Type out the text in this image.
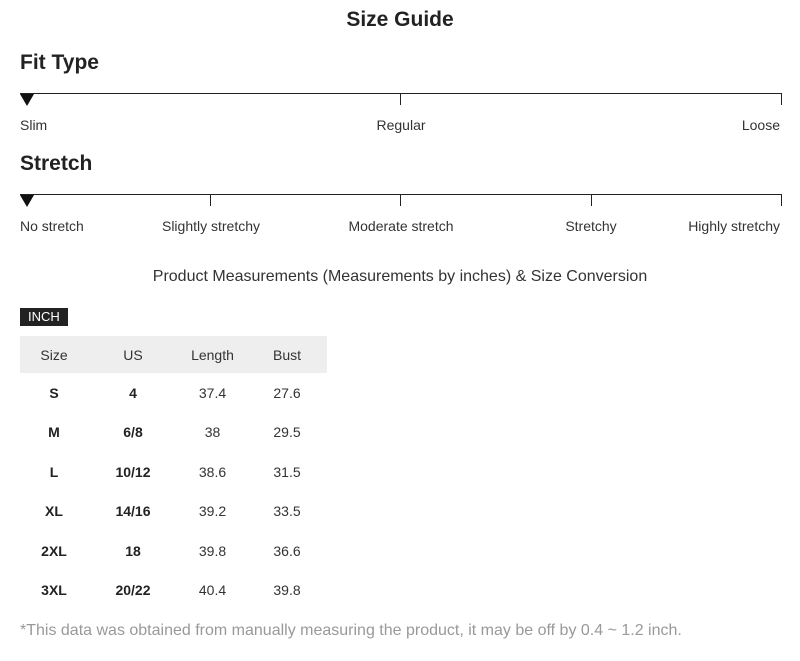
Size Guide
Fit Type
Slim	Regular	Loose
Stretch
No stretch	Slightly stretchy	Moderate stretch	Stretchy	Highly stretchy
Product Measurements (Measurements by inches) & Size Conversion
INCH
Size	US	Length	Bust
S	4	37.4	27.6
M	6/8	38	29.5
L	10/12	38.6	31.5
XL	14/16	39.2	33.5
2XL	18	39.8	36.6
3XL	20/22	40.4	39.8
*This data was obtained from manually measuring the product, it may be off by 0.4 ~ 1.2 inch.
